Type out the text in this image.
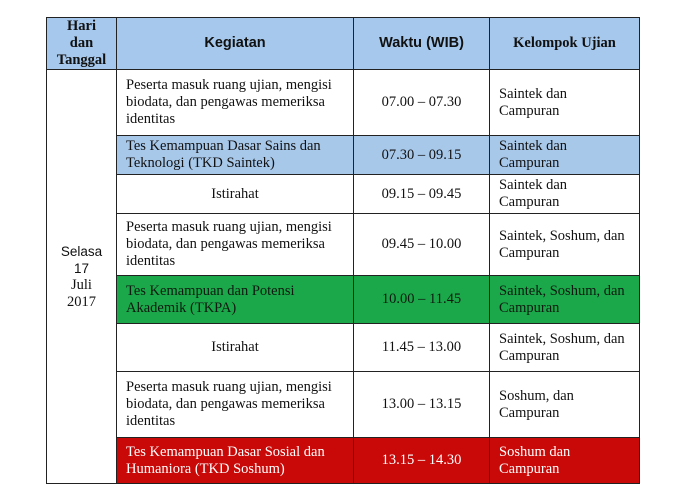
Hari dan Tanggal	Kegiatan	Waktu (WIB)	Kelompok Ujian

Selasa 17
Juli 2017	Peserta masuk ruang ujian, mengisi biodata, dan pengawas memeriksa identitas	07.00 – 07.30	Saintek dan Campuran
	Tes Kemampuan Dasar Sains dan Teknologi (TKD Saintek)	07.30 – 09.15	Saintek dan Campuran
	Istirahat	09.15 – 09.45	Saintek dan Campuran
	Peserta masuk ruang ujian, mengisi biodata, dan pengawas memeriksa identitas	09.45 – 10.00	Saintek, Soshum, dan Campuran
	Tes Kemampuan dan Potensi Akademik (TKPA)	10.00 – 11.45	Saintek, Soshum, dan Campuran
	Istirahat	11.45 – 13.00	Saintek, Soshum, dan Campuran
	Peserta masuk ruang ujian, mengisi biodata, dan pengawas memeriksa identitas	13.00 – 13.15	Soshum, dan Campuran
	Tes Kemampuan Dasar Sosial dan Humaniora (TKD Soshum)	13.15 – 14.30	Soshum dan Campuran
